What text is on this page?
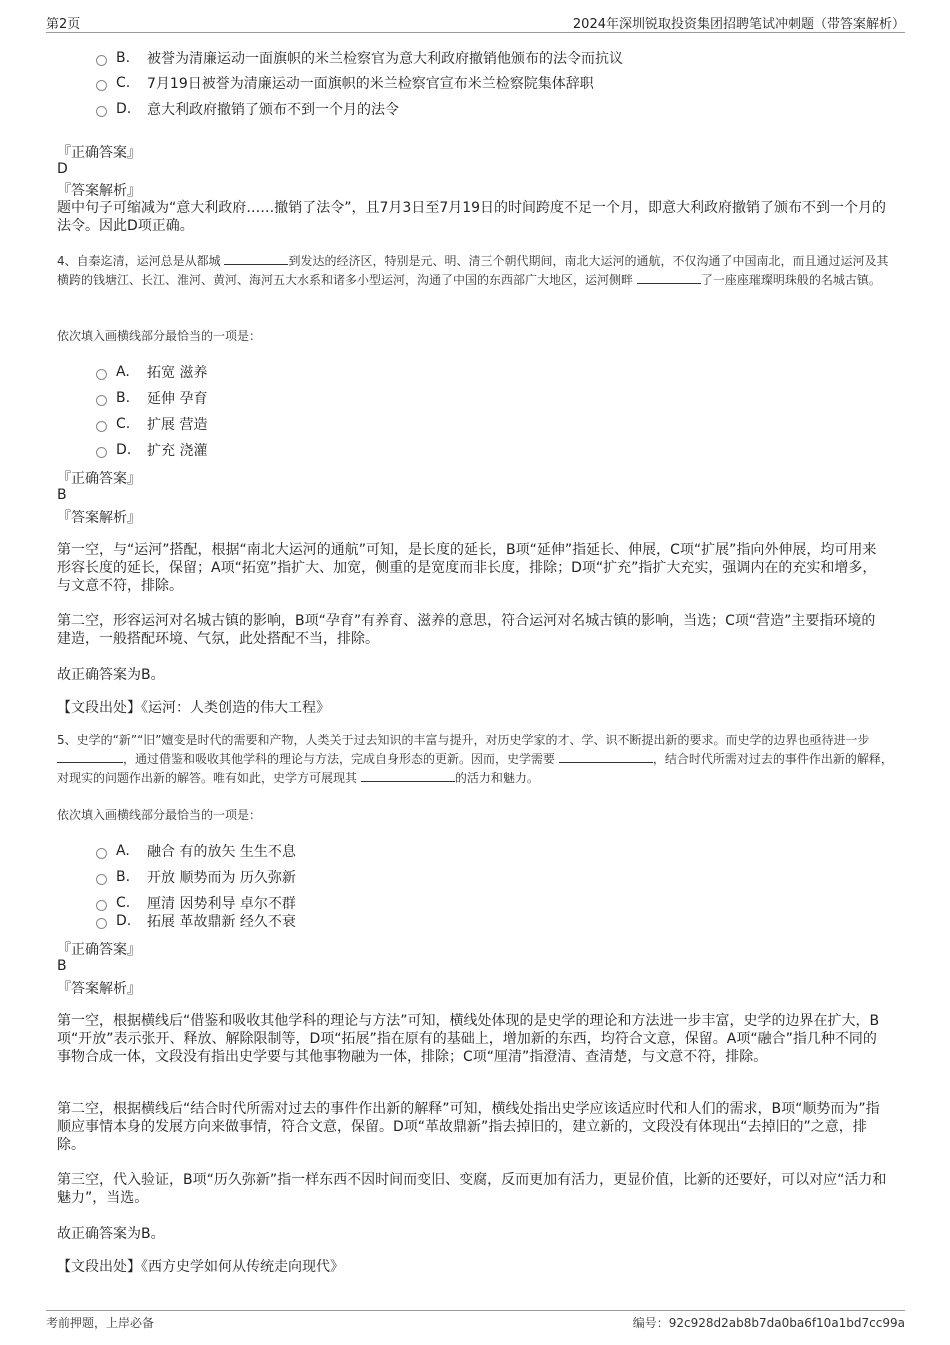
第2页	2024年深圳锐取投资集团招聘笔试冲刺题（带答案解析）
B.	被誉为清廉运动一面旗帜的米兰检察官为意大利政府撤销他颁布的法令而抗议
C.	7月19日被誉为清廉运动一面旗帜的米兰检察官宣布米兰检察院集体辞职
D.	意大利政府撤销了颁布不到一个月的法令
『正确答案』
D
『答案解析』
题中句子可缩减为“意大利政府……撤销了法令”，且7月3日至7月19日的时间跨度不足一个月，即意大利政府撤销了颁布不到一个月的法令。因此D项正确。
4、自秦迄清，运河总是从都城	到发达的经济区，特别是元、明、清三个朝代期间，南北大运河的通航，不仅沟通了中国南北，而且通过运河及其横跨的钱塘江、长江、淮河、黄河、海河五大水系和诸多小型运河，沟通了中国的东西部广大地区，运河侧畔	了一座座璀璨明珠般的名城古镇。
依次填入画横线部分最恰当的一项是：
A.	拓宽 滋养
B.	延伸 孕育
C.	扩展 营造
D.	扩充 浇灌
『正确答案』
B
『答案解析』
第一空，与“运河”搭配，根据“南北大运河的通航”可知，是长度的延长，B项“延伸”指延长、伸展，C项“扩展”指向外伸展，均可用来形容长度的延长，保留；A项“拓宽”指扩大、加宽，侧重的是宽度而非长度，排除；D项“扩充”指扩大充实，强调内在的充实和增多，与文意不符，排除。
第二空，形容运河对名城古镇的影响，B项“孕育”有养育、滋养的意思，符合运河对名城古镇的影响，当选；C项“营造”主要指环境的建造，一般搭配环境、气氛，此处搭配不当，排除。
故正确答案为B。
【文段出处】《运河：人类创造的伟大工程》
5、史学的“新”“旧”嬗变是时代的需要和产物，人类关于过去知识的丰富与提升，对历史学家的才、学、识不断提出新的要求。而史学的边界也亟待进一步 ，通过借鉴和吸收其他学科的理论与方法，完成自身形态的更新。因而，史学需要	，结合时代所需对过去的事件作出新的解释，对现实的问题作出新的解答。唯有如此，史学方可展现其	的活力和魅力。
依次填入画横线部分最恰当的一项是：
A.	融合 有的放矢 生生不息
B.	开放 顺势而为 历久弥新
C.	厘清 因势利导 卓尔不群
D.	拓展 革故鼎新 经久不衰
『正确答案』
B
『答案解析』
第一空，根据横线后“借鉴和吸收其他学科的理论与方法”可知，横线处体现的是史学的理论和方法进一步丰富，史学的边界在扩大，B项“开放”表示张开、释放、解除限制等，D项“拓展”指在原有的基础上，增加新的东西，均符合文意，保留。A项“融合”指几种不同的事物合成一体，文段没有指出史学要与其他事物融为一体，排除；C项“厘清”指澄清、查清楚，与文意不符，排除。
第二空，根据横线后“结合时代所需对过去的事件作出新的解释”可知，横线处指出史学应该适应时代和人们的需求，B项“顺势而为”指顺应事情本身的发展方向来做事情，符合文意，保留。D项“革故鼎新”指去掉旧的，建立新的，文段没有体现出“去掉旧的”之意，排除。
第三空，代入验证，B项“历久弥新”指一样东西不因时间而变旧、变腐，反而更加有活力，更显价值，比新的还要好，可以对应“活力和魅力”，当选。
故正确答案为B。
【文段出处】《西方史学如何从传统走向现代》
考前押题，上岸必备	编号：92c928d2ab8b7da0ba6f10a1bd7cc99a
